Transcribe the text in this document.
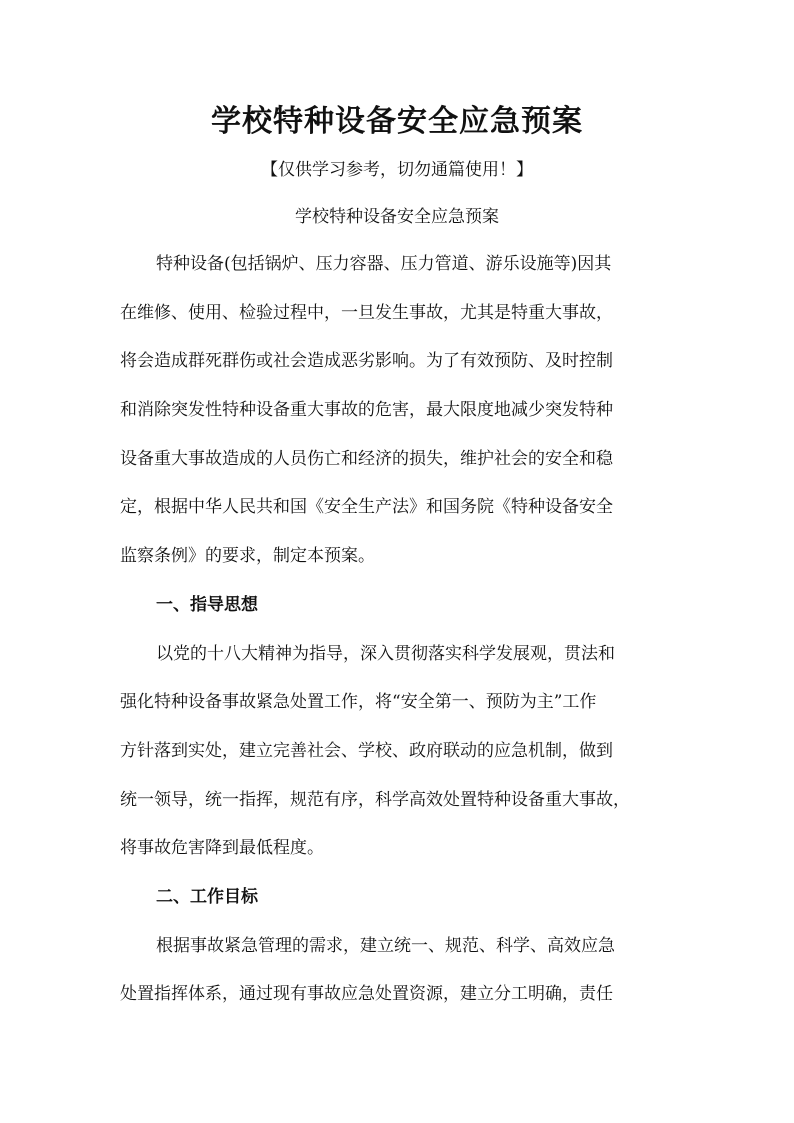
学校特种设备安全应急预案

【仅供学习参考，切勿通篇使用！】

学校特种设备安全应急预案

特种设备(包括锅炉、压力容器、压力管道、游乐设施等)因其

在维修、使用、检验过程中，一旦发生事故，尤其是特重大事故，

将会造成群死群伤或社会造成恶劣影响。为了有效预防、及时控制

和消除突发性特种设备重大事故的危害，最大限度地减少突发特种

设备重大事故造成的人员伤亡和经济的损失，维护社会的安全和稳

定，根据中华人民共和国《安全生产法》和国务院《特种设备安全

监察条例》的要求，制定本预案。

一、指导思想

以党的十八大精神为指导，深入贯彻落实科学发展观，贯法和

强化特种设备事故紧急处置工作，将“安全第一、预防为主”工作

方针落到实处，建立完善社会、学校、政府联动的应急机制，做到

统一领导，统一指挥，规范有序，科学高效处置特种设备重大事故，

将事故危害降到最低程度。

二、工作目标

根据事故紧急管理的需求，建立统一、规范、科学、高效应急

处置指挥体系，通过现有事故应急处置资源，建立分工明确，责任
